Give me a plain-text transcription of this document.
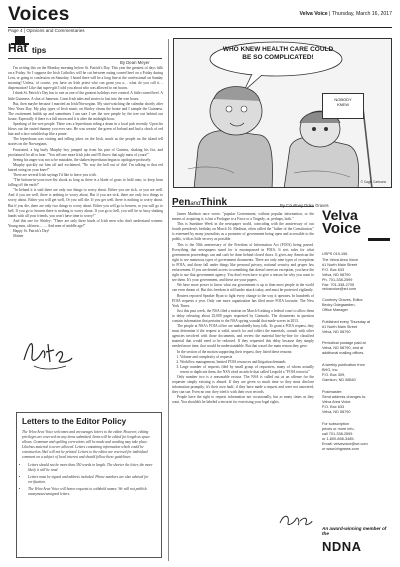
Voices	Velva Voice | Thursday, March 16, 2017
Page 4 | Opinions and Commentaries
Hat tips
By Dean Meyer

I'm writing this on the Monday morning before St. Patrick's Day. This year the greatest of days falls on a Friday. So I suppose the Irish Catholics will be cut between eating corned beef on a Friday during Lent, or going to confession on Saturday. I heard there will be a long line at the confessional on Sunday morning! Unless, of course, you have an Irish priest who can grant you a… what do you call it… dispensation? Like that super-gift I told you about who was allowed to eat bacon.

I think St. Patrick's Day has to rate as one of the greatest holidays ever created. A little corned beef. A little Guinness. A shot of Jameson. Great Irish tales and stories to last into the wee hours.

But, then maybe because I married an Irish/Norwegian. My start-watching the calendar shortly after New Years Day. My play types of Irish music on Shirley cleans the house and I sample the Guinness. The excitement builds up and sometimes I am sure I see the wee people by the tree out behind our house. Especially if there is a full moon and it is after the midnight hour.

Speaking of the wee people. There was a leprechaun riding a drum in a local pub recently. Upon his blows out the rusted dummy you ever saw. He was wearin' the green of Ireland and had a shock of red hair and a face wrinkled up like a prune.

The leprechaun was visiting and telling jokes on the Irish, much as the people on the island tell stories on the Norwegians.

Frustrated, a big burly Murphy boy jumped up from his pint of Guiness, shaking his fist, and proclaimed for all to hear: "You tell one more Irish joke and I'll throw that ugly mass of yours!"

Seeing his anger was not to be mistaken, the shaken leprechaun began to apologize profusely.

Murphy quickly cut him off and exclaimed, "No way the hell out of this! I'm talking to that red haired string on your knee!"

There are several Irish sayings I'd like to leave you with.

"The bottom-in-your-own-fist shook as long as there is a blade of grass to hold onto, to keep from falling off the earth!"

"In Ireland it is said there are only two things to worry about. Either you are sick, or you are well. And if you are well, there is nothing to worry about. But if you are sick, there are only two things to worry about. Either you will get well, Or you will die. If you get well, there is nothing to worry about. But if you die, there are only two things to worry about. Either you will go to heaven, or you will go to hell. If you go to heaven there is nothing to worry about. If you go to hell, you will be so busy shaking hands with all your friends, you won't have time to worry!"

And this one for Shirley: "There are only three kinds of Irish men who don't understand women: Young men, old men……. And men of middle age!"

Happy St. Patrick's Day!

Sláinte

Letters to the Editor Policy
The Velva Area Voice welcomes and encourages letters to the editor. However, editing privileges are reserved on any items submitted. Items will be edited for length as space allows. Grammar and spelling corrections will be made and wording may take place. Libelous material is never allowed. Letters containing information which could be construed as libel will not be printed. Letters to the editor are reserved for individual comment on a subject of local interest and should follow these guidelines:
• Letters should not be more than 350 words in length. The shorter the letter, the more likely it will be read.
• Letters must be signed and address included. Phone numbers are also advised for verification.
• The Velva Area Voice will honor requests to withhold names. We will not publish anonymous/unsigned letters.
WHO KNEW HEALTH CARE COULD BE SO COMPLICATED!
NOBODY
KNEW
© Cagle Cartoons
PenandThink	By Courtney Duke Graves

James Madison once wrote, "popular Government, without popular information, or the means of acquiring it, is but a Prologue to a Farce or a Tragedy, or, perhaps, both."

This is Sunshine Week in the newspaper world, coinciding with the anniversary of our fourth president's birthday on March 16. Madison, often called the "father of the Constitution," is esteemed by many journalists as a promoter of government being open and accessible to the public, with as little secrecy as possible.

This is the 50th anniversary of the Freedom of Information Act (FOIA) being passed. Everything that newspapers stand for is encompassed in FOIA. It sets rules for what government proceedings can and can't be done behind closed doors. It gives any American the right to see numerous types of government documents. There are only nine types of exceptions to FOIA, and those fall under things like personal privacy, national security and proper law enforcement. If you are denied access to something that doesn't meet an exception, you have the right to sue that government agency. You don't even have to give a reason for why you want to see them. It's your government, and these are your papers.

We have more power to know what our government is up to than most people in the world can even dream of. But this freedom is still under attack today, and must be protected vigilantly.

Reuters reported Speaker Ryan to fight every change to the way it operates. In hundreds of FOIA requests a year. Only one more organization has filed more FOIA lawsuits: The New York Times.

Just this past week, the NSA filed a motion on March 6 asking a federal court to allow them to delay releasing about 25,000 pages requested by Gizmodo. The documents in question contain information that pertains to the NSA spying scandal that made waves in 2013.

The people at NSA's FOIA office are undoubtedly busy folk. To grant a FOIA request, they must determine if the request is valid, search for and collect the materials, consult with other agencies involved with those documents, and review the material line-by-line for classified material that would need to be redacted. If they requested this delay because they simply needed more time, that would be understandable. But that wasn't the main reason they gave.

In the section of the motion supporting their request, they listed these reasons:

1. Volume and complexity of requests
2. Workflow management, limited FOIA resources and litigation demands
3. Large number of requests filed by small group of requesters, many of whom actually resent or duplicate them, the NSA cited an article that called Leopold a "FOIA terrorist"

Only number two is a reasonable excuse. The NSA is called out as an offense for the requester simply existing is absurd. If they are given so much time so they must disclose information promptly, it's their own fault; if they have made a request and were not answered, they can sue. Even no one, they tried it with their own records.

People have the right to request information not occasionally, but as many times as they want. You shouldn't be labeled a terrorist for exercising your legal rights.

Velva
Voice
USPS 019-156
The Velva Area Voice
#1 North Main Street
P.O. Box 633
Velva, ND 58790
Ph. 701-338-2599
Fax: 701-338-2705
velvavoice@srt.com
Courtney Graves, Editor
Becky Odegaarden,
Office Manager
Published every Thursday at
#1 North Main Street
Velva, ND 58790
Periodical postage paid at
Velva, ND 58790, and at
additional mailing offices.
A weekly publication from
BHG, Inc.
P.O. Box 309,
Garrison, ND 58540
Postmaster:
Send address changes to:
Velva Area Voice
P.O. Box 633
Velva, ND 58790
For subscription
prices or more info,
call 701-338-2599
or 1-800-658-3485.
Email: velvavoice@srt.com
or www.bhgnews.com
An award-winning member of the
NDNA
